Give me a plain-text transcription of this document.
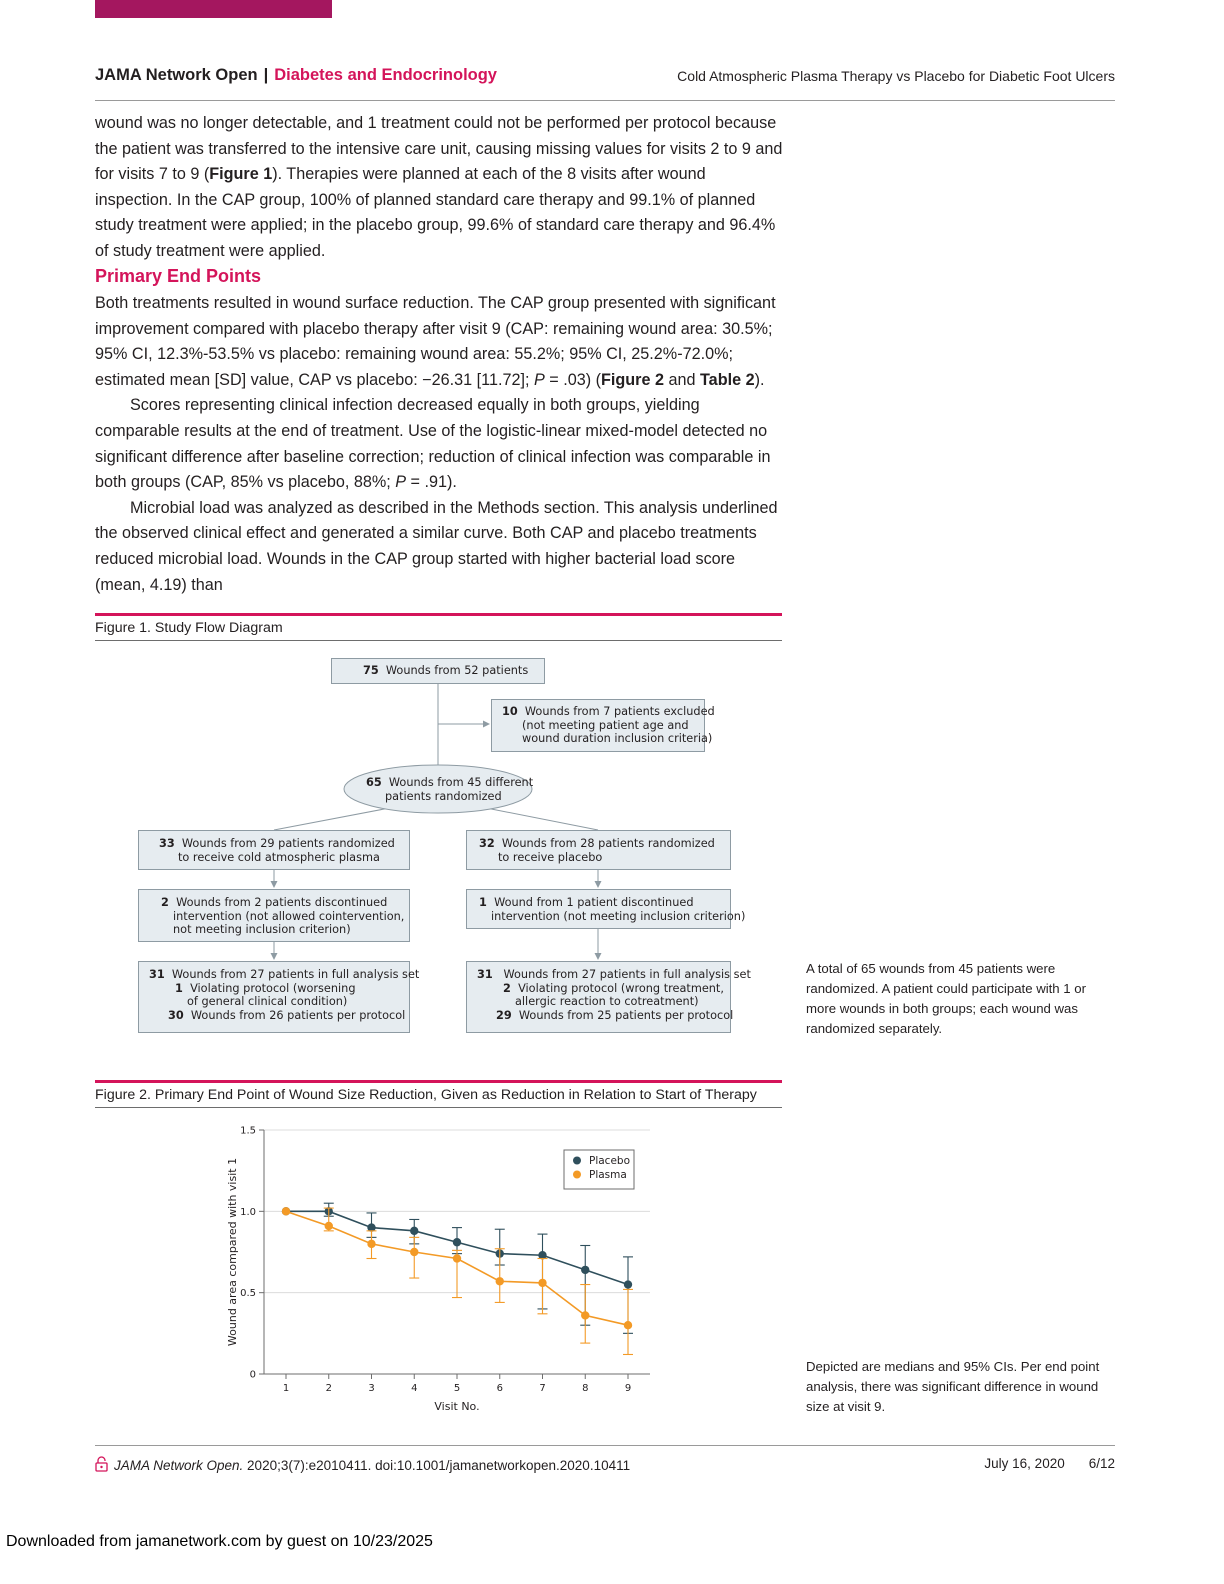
JAMA Network Open | Diabetes and Endocrinology	Cold Atmospheric Plasma Therapy vs Placebo for Diabetic Foot Ulcers

wound was no longer detectable, and 1 treatment could not be performed per protocol because the patient was transferred to the intensive care unit, causing missing values for visits 2 to 9 and for visits 7 to 9 (Figure 1). Therapies were planned at each of the 8 visits after wound inspection. In the CAP group, 100% of planned standard care therapy and 99.1% of planned study treatment were applied; in the placebo group, 99.6% of standard care therapy and 96.4% of study treatment were applied.

Primary End Points

Both treatments resulted in wound surface reduction. The CAP group presented with significant improvement compared with placebo therapy after visit 9 (CAP: remaining wound area: 30.5%; 95% CI, 12.3%-53.5% vs placebo: remaining wound area: 55.2%; 95% CI, 25.2%-72.0%; estimated mean [SD] value, CAP vs placebo: −26.31 [11.72]; P = .03) (Figure 2 and Table 2).

Scores representing clinical infection decreased equally in both groups, yielding comparable results at the end of treatment. Use of the logistic-linear mixed-model detected no significant difference after baseline correction; reduction of clinical infection was comparable in both groups (CAP, 85% vs placebo, 88%; P = .91).

Microbial load was analyzed as described in the Methods section. This analysis underlined the observed clinical effect and generated a similar curve. Both CAP and placebo treatments reduced microbial load. Wounds in the CAP group started with higher bacterial load score (mean, 4.19) than

Figure 1. Study Flow Diagram
75 Wounds from 52 patients
10 Wounds from 7 patients excluded
(not meeting patient age and
wound duration inclusion criteria)
65 Wounds from 45 different
patients randomized
33 Wounds from 29 patients randomized
to receive cold atmospheric plasma
32 Wounds from 28 patients randomized
to receive placebo
2 Wounds from 2 patients discontinued
intervention (not allowed cointervention,
not meeting inclusion criterion)
1 Wound from 1 patient discontinued
intervention (not meeting inclusion criterion)
31 Wounds from 27 patients in full analysis set
1 Violating protocol (worsening
of general clinical condition)
30 Wounds from 26 patients per protocol
31 Wounds from 27 patients in full analysis set
2 Violating protocol (wrong treatment,
allergic reaction to cotreatment)
29 Wounds from 25 patients per protocol
A total of 65 wounds from 45 patients were randomized. A patient could participate with 1 or more wounds in both groups; each wound was randomized separately.
Figure 2. Primary End Point of Wound Size Reduction, Given as Reduction in Relation to Start of Therapy
0
0.5
1.0
1.5
1	2	3	4	5	6	7	8	9
Visit No.
Wound area compared with visit 1	Placebo
Plasma
Depicted are medians and 95% CIs. Per end point analysis, there was significant difference in wound size at visit 9.
JAMA Network Open. 2020;3(7):e2010411. doi:10.1001/jamanetworkopen.2020.10411	July 16, 2020 6/12
Downloaded from jamanetwork.com by guest on 10/23/2025
